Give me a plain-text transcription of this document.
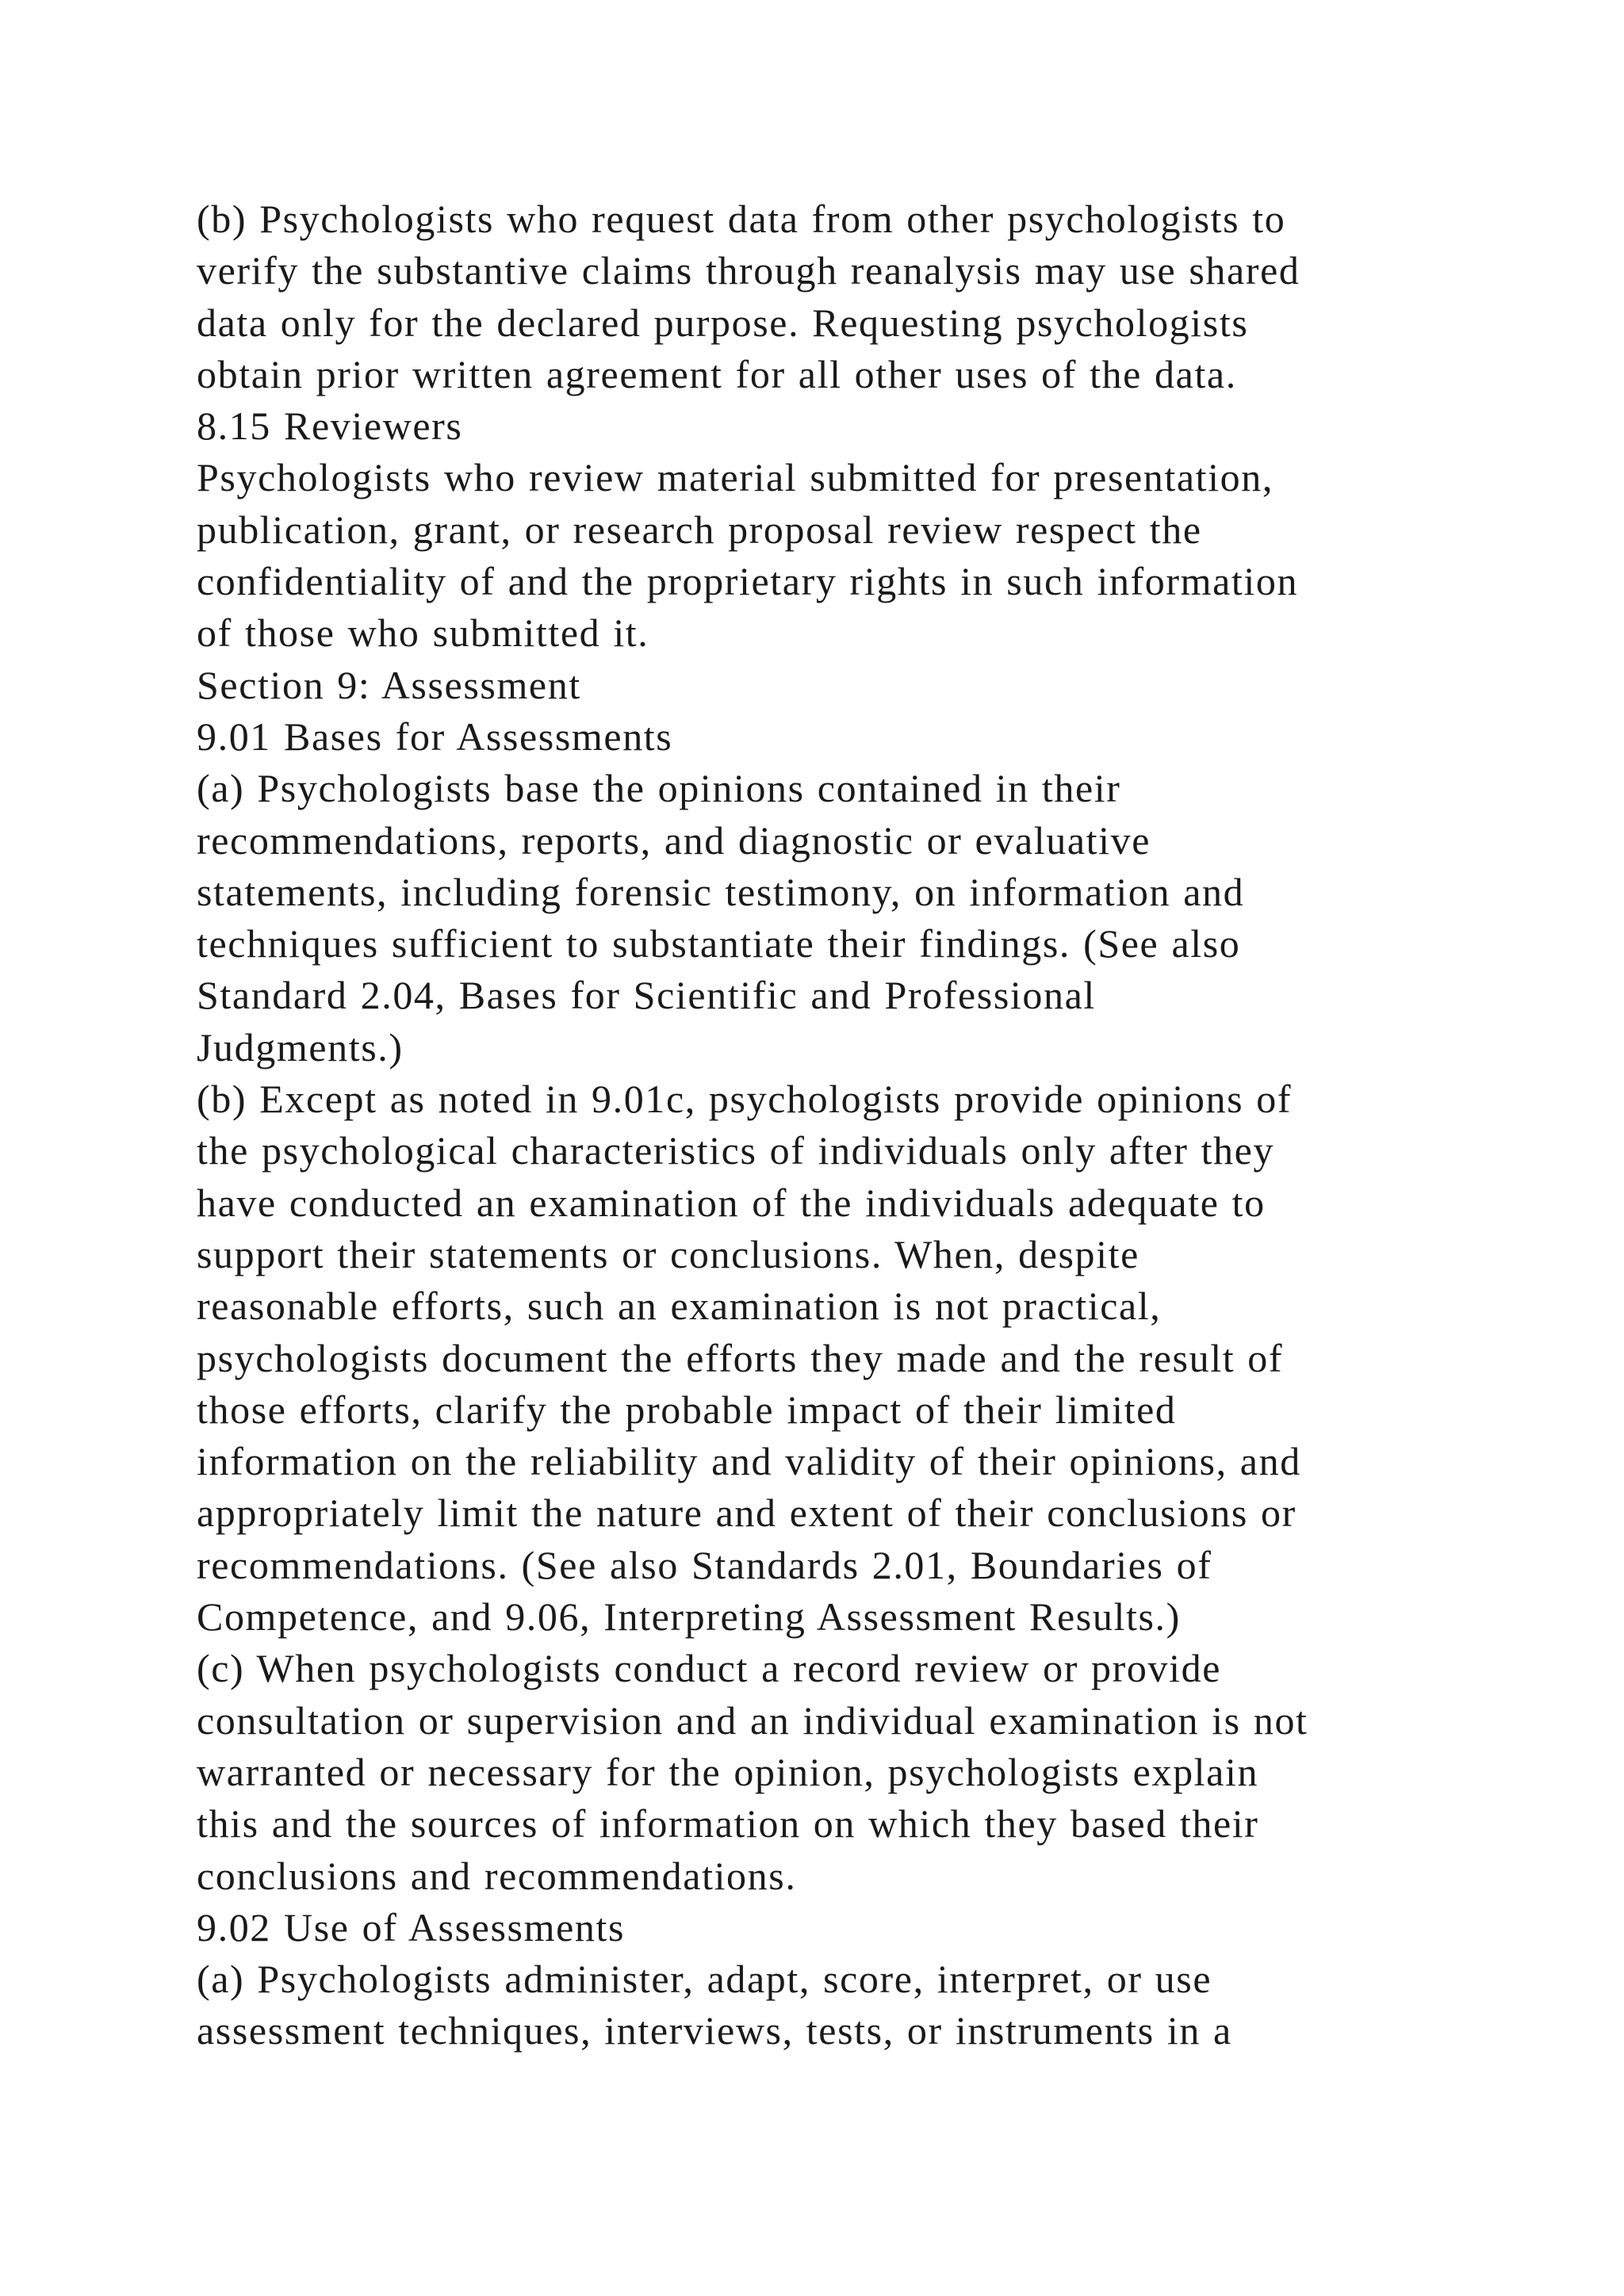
(b) Psychologists who request data from other psychologists to
verify the substantive claims through reanalysis may use shared
data only for the declared purpose. Requesting psychologists
obtain prior written agreement for all other uses of the data.
8.15 Reviewers
Psychologists who review material submitted for presentation,
publication, grant, or research proposal review respect the
confidentiality of and the proprietary rights in such information
of those who submitted it.
Section 9: Assessment
9.01 Bases for Assessments
(a) Psychologists base the opinions contained in their
recommendations, reports, and diagnostic or evaluative
statements, including forensic testimony, on information and
techniques sufficient to substantiate their findings. (See also
Standard 2.04, Bases for Scientific and Professional
Judgments.)
(b) Except as noted in 9.01c, psychologists provide opinions of
the psychological characteristics of individuals only after they
have conducted an examination of the individuals adequate to
support their statements or conclusions. When, despite
reasonable efforts, such an examination is not practical,
psychologists document the efforts they made and the result of
those efforts, clarify the probable impact of their limited
information on the reliability and validity of their opinions, and
appropriately limit the nature and extent of their conclusions or
recommendations. (See also Standards 2.01, Boundaries of
Competence, and 9.06, Interpreting Assessment Results.)
(c) When psychologists conduct a record review or provide
consultation or supervision and an individual examination is not
warranted or necessary for the opinion, psychologists explain
this and the sources of information on which they based their
conclusions and recommendations.
9.02 Use of Assessments
(a) Psychologists administer, adapt, score, interpret, or use
assessment techniques, interviews, tests, or instruments in a
